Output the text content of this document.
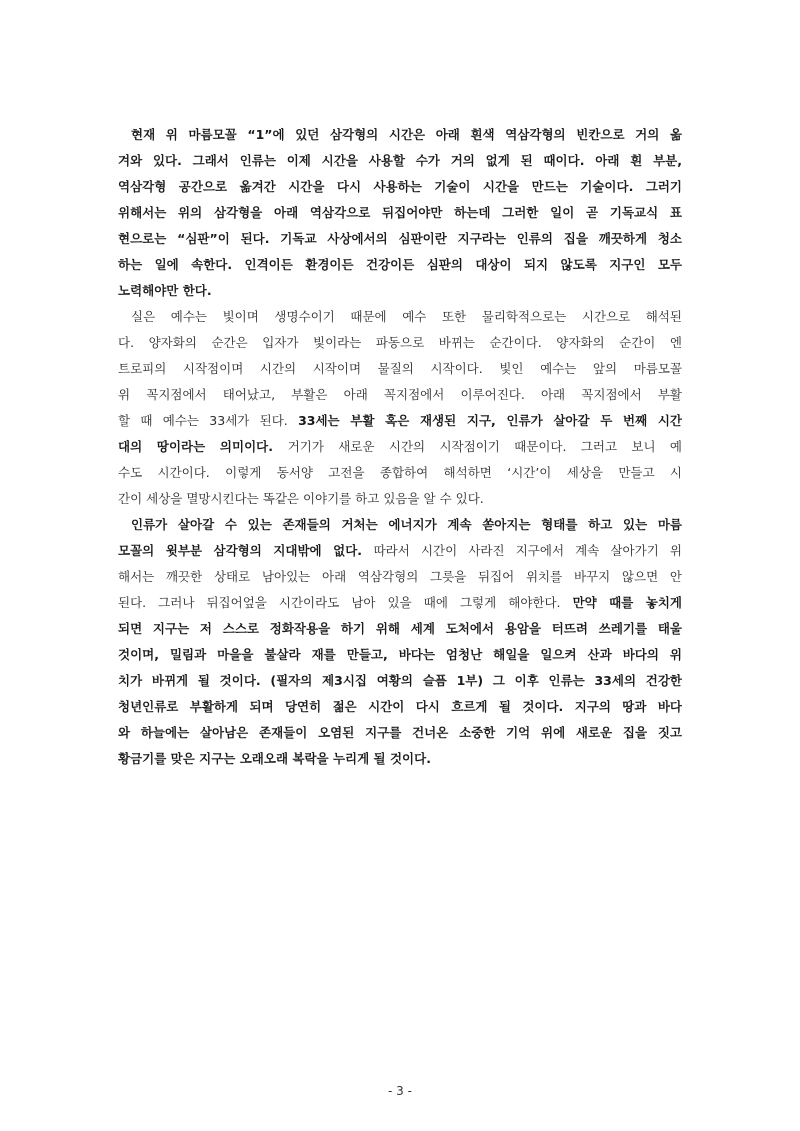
현재 위 마름모꼴 “1”에 있던 삼각형의 시간은 아래 흰색 역삼각형의 빈칸으로 거의 옮
겨와 있다. 그래서 인류는 이제 시간을 사용할 수가 거의 없게 된 때이다. 아래 흰 부분,
역삼각형 공간으로 옮겨간 시간을 다시 사용하는 기술이 시간을 만드는 기술이다. 그러기
위해서는 위의 삼각형을 아래 역삼각으로 뒤집어야만 하는데 그러한 일이 곧 기독교식 표
현으로는 “심판”이 된다. 기독교 사상에서의 심판이란 지구라는 인류의 집을 깨끗하게 청소
하는 일에 속한다. 인격이든 환경이든 건강이든 심판의 대상이 되지 않도록 지구인 모두
노력해야만 한다.
실은 예수는 빛이며 생명수이기 때문에 예수 또한 물리학적으로는 시간으로 해석된
다. 양자화의 순간은 입자가 빛이라는 파동으로 바뀌는 순간이다. 양자화의 순간이 엔
트로피의 시작점이며 시간의 시작이며 물질의 시작이다. 빛인 예수는 앞의 마름모꼴
위 꼭지점에서 태어났고, 부활은 아래 꼭지점에서 이루어진다. 아래 꼭지점에서 부활
할 때 예수는 33세가 된다. 33세는 부활 혹은 재생된 지구, 인류가 살아갈 두 번째 시간
대의 땅이라는 의미이다. 거기가 새로운 시간의 시작점이기 때문이다. 그러고 보니 예
수도 시간이다. 이렇게 동서양 고전을 종합하여 해석하면 ‘시간’이 세상을 만들고 시
간이 세상을 멸망시킨다는 똑같은 이야기를 하고 있음을 알 수 있다.
인류가 살아갈 수 있는 존재들의 거처는 에너지가 계속 쏟아지는 형태를 하고 있는 마름
모꼴의 윗부분 삼각형의 지대밖에 없다. 따라서 시간이 사라진 지구에서 계속 살아가기 위
해서는 깨끗한 상태로 남아있는 아래 역삼각형의 그릇을 뒤집어 위치를 바꾸지 않으면 안
된다. 그러나 뒤집어엎을 시간이라도 남아 있을 때에 그렇게 해야한다. 만약 때를 놓치게
되면 지구는 저 스스로 정화작용을 하기 위해 세계 도처에서 용암을 터뜨려 쓰레기를 태울
것이며, 밀림과 마을을 불살라 재를 만들고, 바다는 엄청난 해일을 일으켜 산과 바다의 위
치가 바뀌게 될 것이다. (필자의 제3시집 여황의 슬픔 1부) 그 이후 인류는 33세의 건강한
청년인류로 부활하게 되며 당연히 젊은 시간이 다시 흐르게 될 것이다. 지구의 땅과 바다
와 하늘에는 살아남은 존재들이 오염된 지구를 건너온 소중한 기억 위에 새로운 집을 짓고
황금기를 맞은 지구는 오래오래 복락을 누리게 될 것이다.
- 3 -
